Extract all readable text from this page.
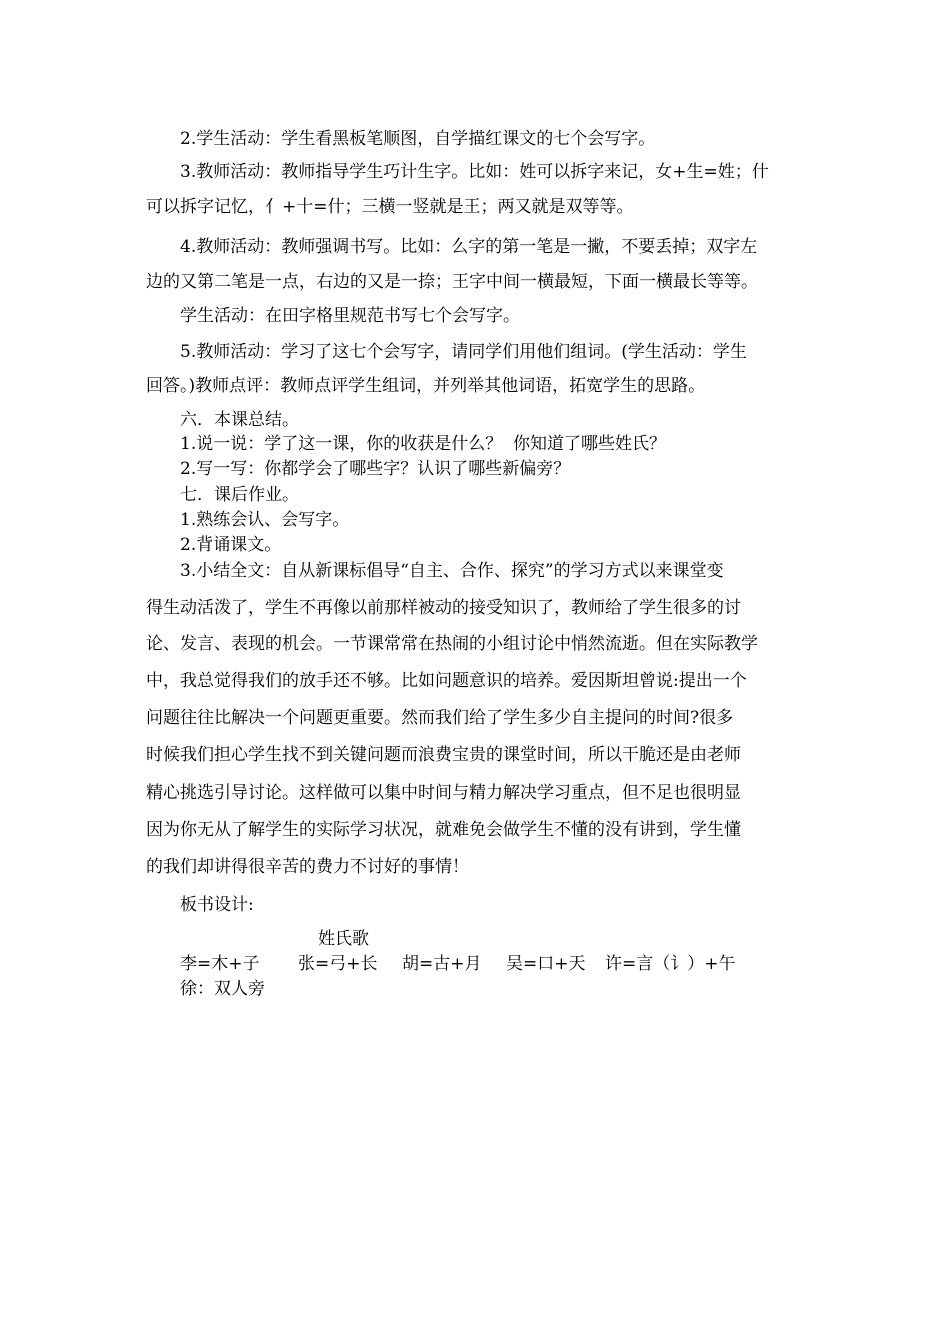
2.学生活动：学生看黑板笔顺图，自学描红课文的七个会写字。
3.教师活动：教师指导学生巧计生字。比如：姓可以拆字来记，女+生=姓；什
可以拆字记忆，亻+十=什；三横一竖就是王；两又就是双等等。
4.教师活动：教师强调书写。比如：么字的第一笔是一撇，不要丢掉；双字左
边的又第二笔是一点，右边的又是一捺；王字中间一横最短，下面一横最长等等。
学生活动：在田字格里规范书写七个会写字。
5.教师活动：学习了这七个会写字，请同学们用他们组词。(学生活动：学生
回答。)教师点评：教师点评学生组词，并列举其他词语，拓宽学生的思路。
六．本课总结。
1.说一说：学了这一课，你的收获是什么？  你知道了哪些姓氏？
2.写一写：你都学会了哪些字？认识了哪些新偏旁？
七．课后作业。
1.熟练会认、会写字。
2.背诵课文。
3.小结全文：自从新课标倡导“自主、合作、探究”的学习方式以来课堂变
得生动活泼了，学生不再像以前那样被动的接受知识了，教师给了学生很多的讨
论、发言、表现的机会。一节课常常在热闹的小组讨论中悄然流逝。但在实际教学
中，我总觉得我们的放手还不够。比如问题意识的培养。爱因斯坦曾说:提出一个
问题往往比解决一个问题更重要。然而我们给了学生多少自主提问的时间?很多
时候我们担心学生找不到关键问题而浪费宝贵的课堂时间，所以干脆还是由老师
精心挑选引导讨论。这样做可以集中时间与精力解决学习重点，但不足也很明显
因为你无从了解学生的实际学习状况，就难免会做学生不懂的没有讲到，学生懂
的我们却讲得很辛苦的费力不讨好的事情！
板书设计:
姓氏歌

李=木+子

张=弓+长

胡=古+月

吴=口+天

许=言（讠）+午

徐：双人旁
